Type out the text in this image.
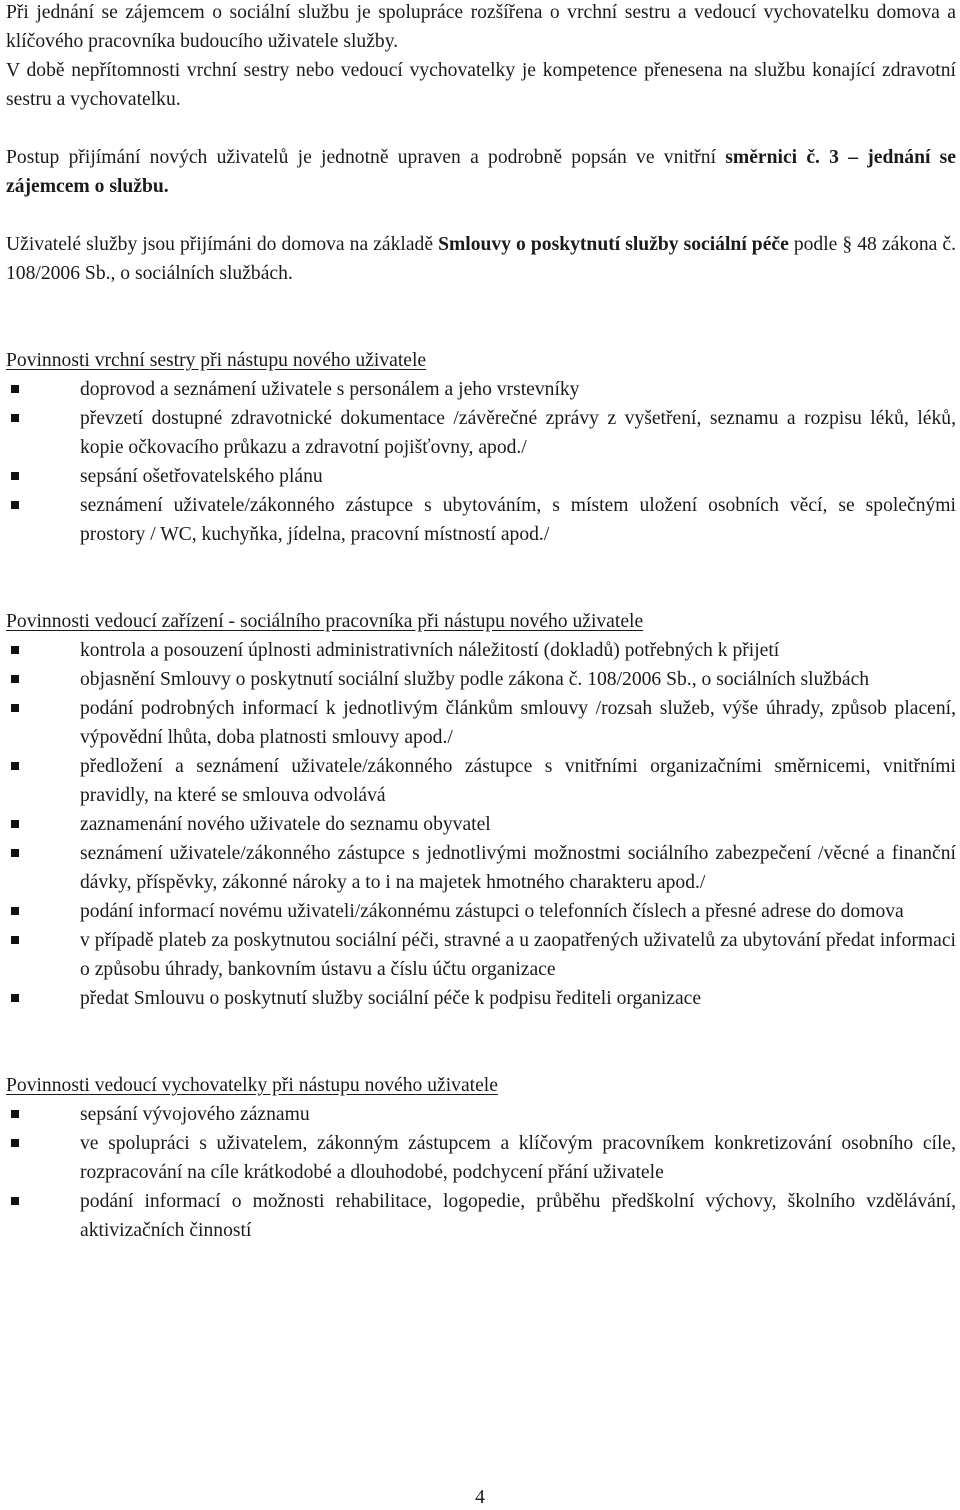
Při jednání se zájemcem o sociální službu je spolupráce rozšířena o vrchní sestru a vedoucí vychovatelku domova a klíčového pracovníka budoucího uživatele služby.
V době nepřítomnosti vrchní sestry nebo vedoucí vychovatelky je kompetence přenesena na službu konající zdravotní sestru a vychovatelku.

Postup přijímání nových uživatelů je jednotně upraven a podrobně popsán ve vnitřní směrnici č. 3 – jednání se zájemcem o službu.

Uživatelé služby jsou přijímáni do domova na základě Smlouvy o poskytnutí služby sociální péče podle § 48 zákona č. 108/2006 Sb., o sociálních službách.

Povinnosti vrchní sestry při nástupu nového uživatele

doprovod a seznámení uživatele s personálem a jeho vrstevníky
převzetí dostupné zdravotnické dokumentace /závěrečné zprávy z vyšetření, seznamu a rozpisu léků, léků, kopie očkovacího průkazu a zdravotní pojišťovny, apod./
sepsání ošetřovatelského plánu
seznámení uživatele/zákonného zástupce s ubytováním, s místem uložení osobních věcí, se společnými prostory / WC, kuchyňka, jídelna, pracovní místností apod./

Povinnosti vedoucí zařízení - sociálního pracovníka při nástupu nového uživatele

kontrola a posouzení úplnosti administrativních náležitostí (dokladů) potřebných k přijetí
objasnění Smlouvy o poskytnutí sociální služby podle zákona č. 108/2006 Sb., o sociálních službách
podání podrobných informací k jednotlivým článkům smlouvy /rozsah služeb, výše úhrady, způsob placení, výpovědní lhůta, doba platnosti smlouvy apod./
předložení a seznámení uživatele/zákonného zástupce s vnitřními organizačními směrnicemi, vnitřními pravidly, na které se smlouva odvolává
zaznamenání nového uživatele do seznamu obyvatel
seznámení uživatele/zákonného zástupce s jednotlivými možnostmi sociálního zabezpečení /věcné a finanční dávky, příspěvky, zákonné nároky a to i na majetek hmotného charakteru apod./
podání informací novému uživateli/zákonnému zástupci o telefonních číslech a přesné adrese do domova
v případě plateb za poskytnutou sociální péči, stravné a u zaopatřených uživatelů za ubytování předat informaci o způsobu úhrady, bankovním ústavu a číslu účtu organizace
předat Smlouvu o poskytnutí služby sociální péče k podpisu řediteli organizace

Povinnosti vedoucí vychovatelky při nástupu nového uživatele

sepsání vývojového záznamu
ve spolupráci s uživatelem, zákonným zástupcem a klíčovým pracovníkem konkretizování osobního cíle, rozpracování na cíle krátkodobé a dlouhodobé, podchycení přání uživatele
podání informací o možnosti rehabilitace, logopedie, průběhu předškolní výchovy, školního vzdělávání, aktivizačních činností
4
